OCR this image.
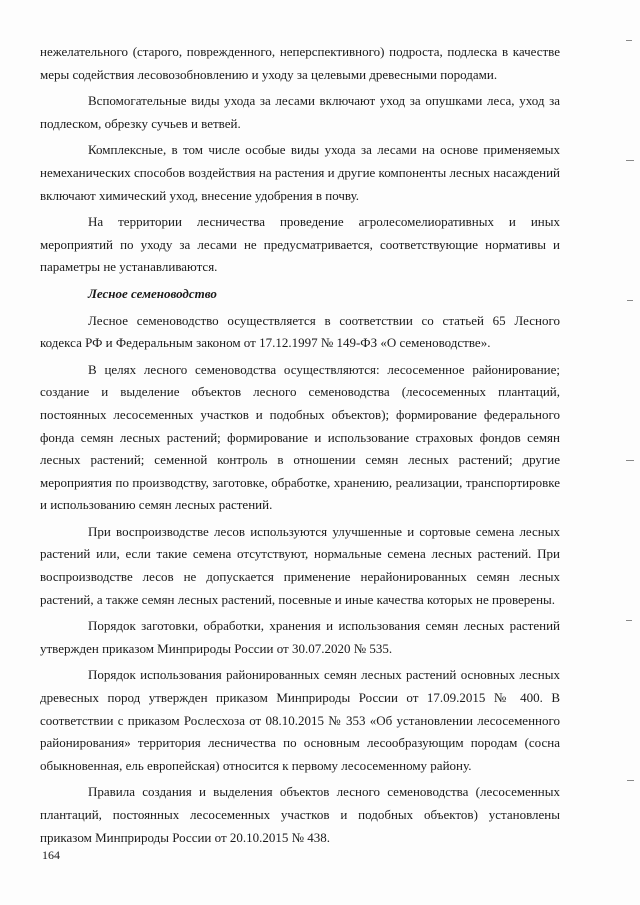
нежелательного (старого, поврежденного, неперспективного) подроста, подлеска в качестве меры содействия лесовозобновлению и уходу за целевыми древесными породами.

Вспомогательные виды ухода за лесами включают уход за опушками леса, уход за подлеском, обрезку сучьев и ветвей.

Комплексные, в том числе особые виды ухода за лесами на основе применяемых немеханических способов воздействия на растения и другие компоненты лесных насаждений включают химический уход, внесение удобрения в почву.

На территории лесничества проведение агролесомелиоративных и иных мероприятий по уходу за лесами не предусматривается, соответствующие нормативы и параметры не устанавливаются.

Лесное семеноводство

Лесное семеноводство осуществляется в соответствии со статьей 65 Лесного кодекса РФ и Федеральным законом от 17.12.1997 № 149-ФЗ «О семеноводстве».

В целях лесного семеноводства осуществляются: лесосеменное районирование; создание и выделение объектов лесного семеноводства (лесосеменных плантаций, постоянных лесосеменных участков и подобных объектов); формирование федерального фонда семян лесных растений; формирование и использование страховых фондов семян лесных растений; семенной контроль в отношении семян лесных растений; другие мероприятия по производству, заготовке, обработке, хранению, реализации, транспортировке и использованию семян лесных растений.

При воспроизводстве лесов используются улучшенные и сортовые семена лесных растений или, если такие семена отсутствуют, нормальные семена лесных растений. При воспроизводстве лесов не допускается применение нерайонированных семян лесных растений, а также семян лесных растений, посевные и иные качества которых не проверены.

Порядок заготовки, обработки, хранения и использования семян лесных растений утвержден приказом Минприроды России от 30.07.2020 № 535.

Порядок использования районированных семян лесных растений основных лесных древесных пород утвержден приказом Минприроды России от 17.09.2015 № 400. В соответствии с приказом Рослесхоза от 08.10.2015 № 353 «Об установлении лесосеменного районирования» территория лесничества по основным лесообразующим породам (сосна обыкновенная, ель европейская) относится к первому лесосеменному району.

Правила создания и выделения объектов лесного семеноводства (лесосеменных плантаций, постоянных лесосеменных участков и подобных объектов) установлены приказом Минприроды России от 20.10.2015 № 438.

164
